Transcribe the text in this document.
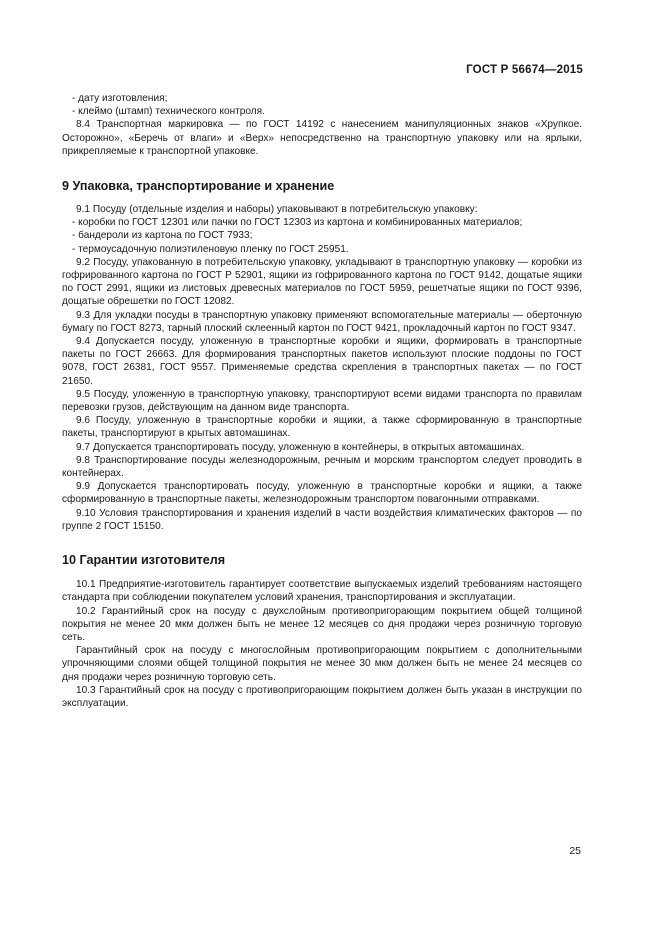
ГОСТ Р 56674—2015

- дату изготовления;

- клеймо (штамп) технического контроля.

8.4 Транспортная маркировка — по ГОСТ 14192 с нанесением манипуляционных знаков «Хрупкое. Осторожно», «Беречь от влаги» и «Верх» непосредственно на транспортную упаковку или на ярлыки, прикрепляемые к транспортной упаковке.

9 Упаковка, транспортирование и хранение

9.1 Посуду (отдельные изделия и наборы) упаковывают в потребительскую упаковку:

- коробки по ГОСТ 12301 или пачки по ГОСТ 12303 из картона и комбинированных материалов;

- бандероли из картона по ГОСТ 7933;

- термоусадочную полиэтиленовую пленку по ГОСТ 25951.

9.2 Посуду, упакованную в потребительскую упаковку, укладывают в транспортную упаковку — коробки из гофрированного картона по ГОСТ Р 52901, ящики из гофрированного картона по ГОСТ 9142, дощатые ящики по ГОСТ 2991, ящики из листовых древесных материалов по ГОСТ 5959, решетчатые ящики по ГОСТ 9396, дощатые обрешетки по ГОСТ 12082.

9.3 Для укладки посуды в транспортную упаковку применяют вспомогательные материалы — оберточную бумагу по ГОСТ 8273, тарный плоский склеенный картон по ГОСТ 9421, прокладочный картон по ГОСТ 9347.

9.4 Допускается посуду, уложенную в транспортные коробки и ящики, формировать в транспортные пакеты по ГОСТ 26663. Для формирования транспортных пакетов используют плоские поддоны по ГОСТ 9078, ГОСТ 26381, ГОСТ 9557. Применяемые средства скрепления в транспортных пакетах — по ГОСТ 21650.

9.5 Посуду, уложенную в транспортную упаковку, транспортируют всеми видами транспорта по правилам перевозки грузов, действующим на данном виде транспорта.

9.6 Посуду, уложенную в транспортные коробки и ящики, а также сформированную в транспортные пакеты, транспортируют в крытых автомашинах.

9.7 Допускается транспортировать посуду, уложенную в контейнеры, в открытых автомашинах.

9.8 Транспортирование посуды железнодорожным, речным и морским транспортом следует проводить в контейнерах.

9.9 Допускается транспортировать посуду, уложенную в транспортные коробки и ящики, а также сформированную в транспортные пакеты, железнодорожным транспортом повагонными отправками.

9.10 Условия транспортирования и хранения изделий в части воздействия климатических факторов — по группе 2 ГОСТ 15150.

10 Гарантии изготовителя

10.1 Предприятие-изготовитель гарантирует соответствие выпускаемых изделий требованиям настоящего стандарта при соблюдении покупателем условий хранения, транспортирования и эксплуатации.

10.2 Гарантийный срок на посуду с двухслойным противопригорающим покрытием общей толщиной покрытия не менее 20 мкм должен быть не менее 12 месяцев со дня продажи через розничную торговую сеть.

Гарантийный срок на посуду с многослойным противопригорающим покрытием с дополнительными упрочняющими слоями общей толщиной покрытия не менее 30 мкм должен быть не менее 24 месяцев со дня продажи через розничную торговую сеть.

10.3 Гарантийный срок на посуду с противопригорающим покрытием должен быть указан в инструкции по эксплуатации.

25
